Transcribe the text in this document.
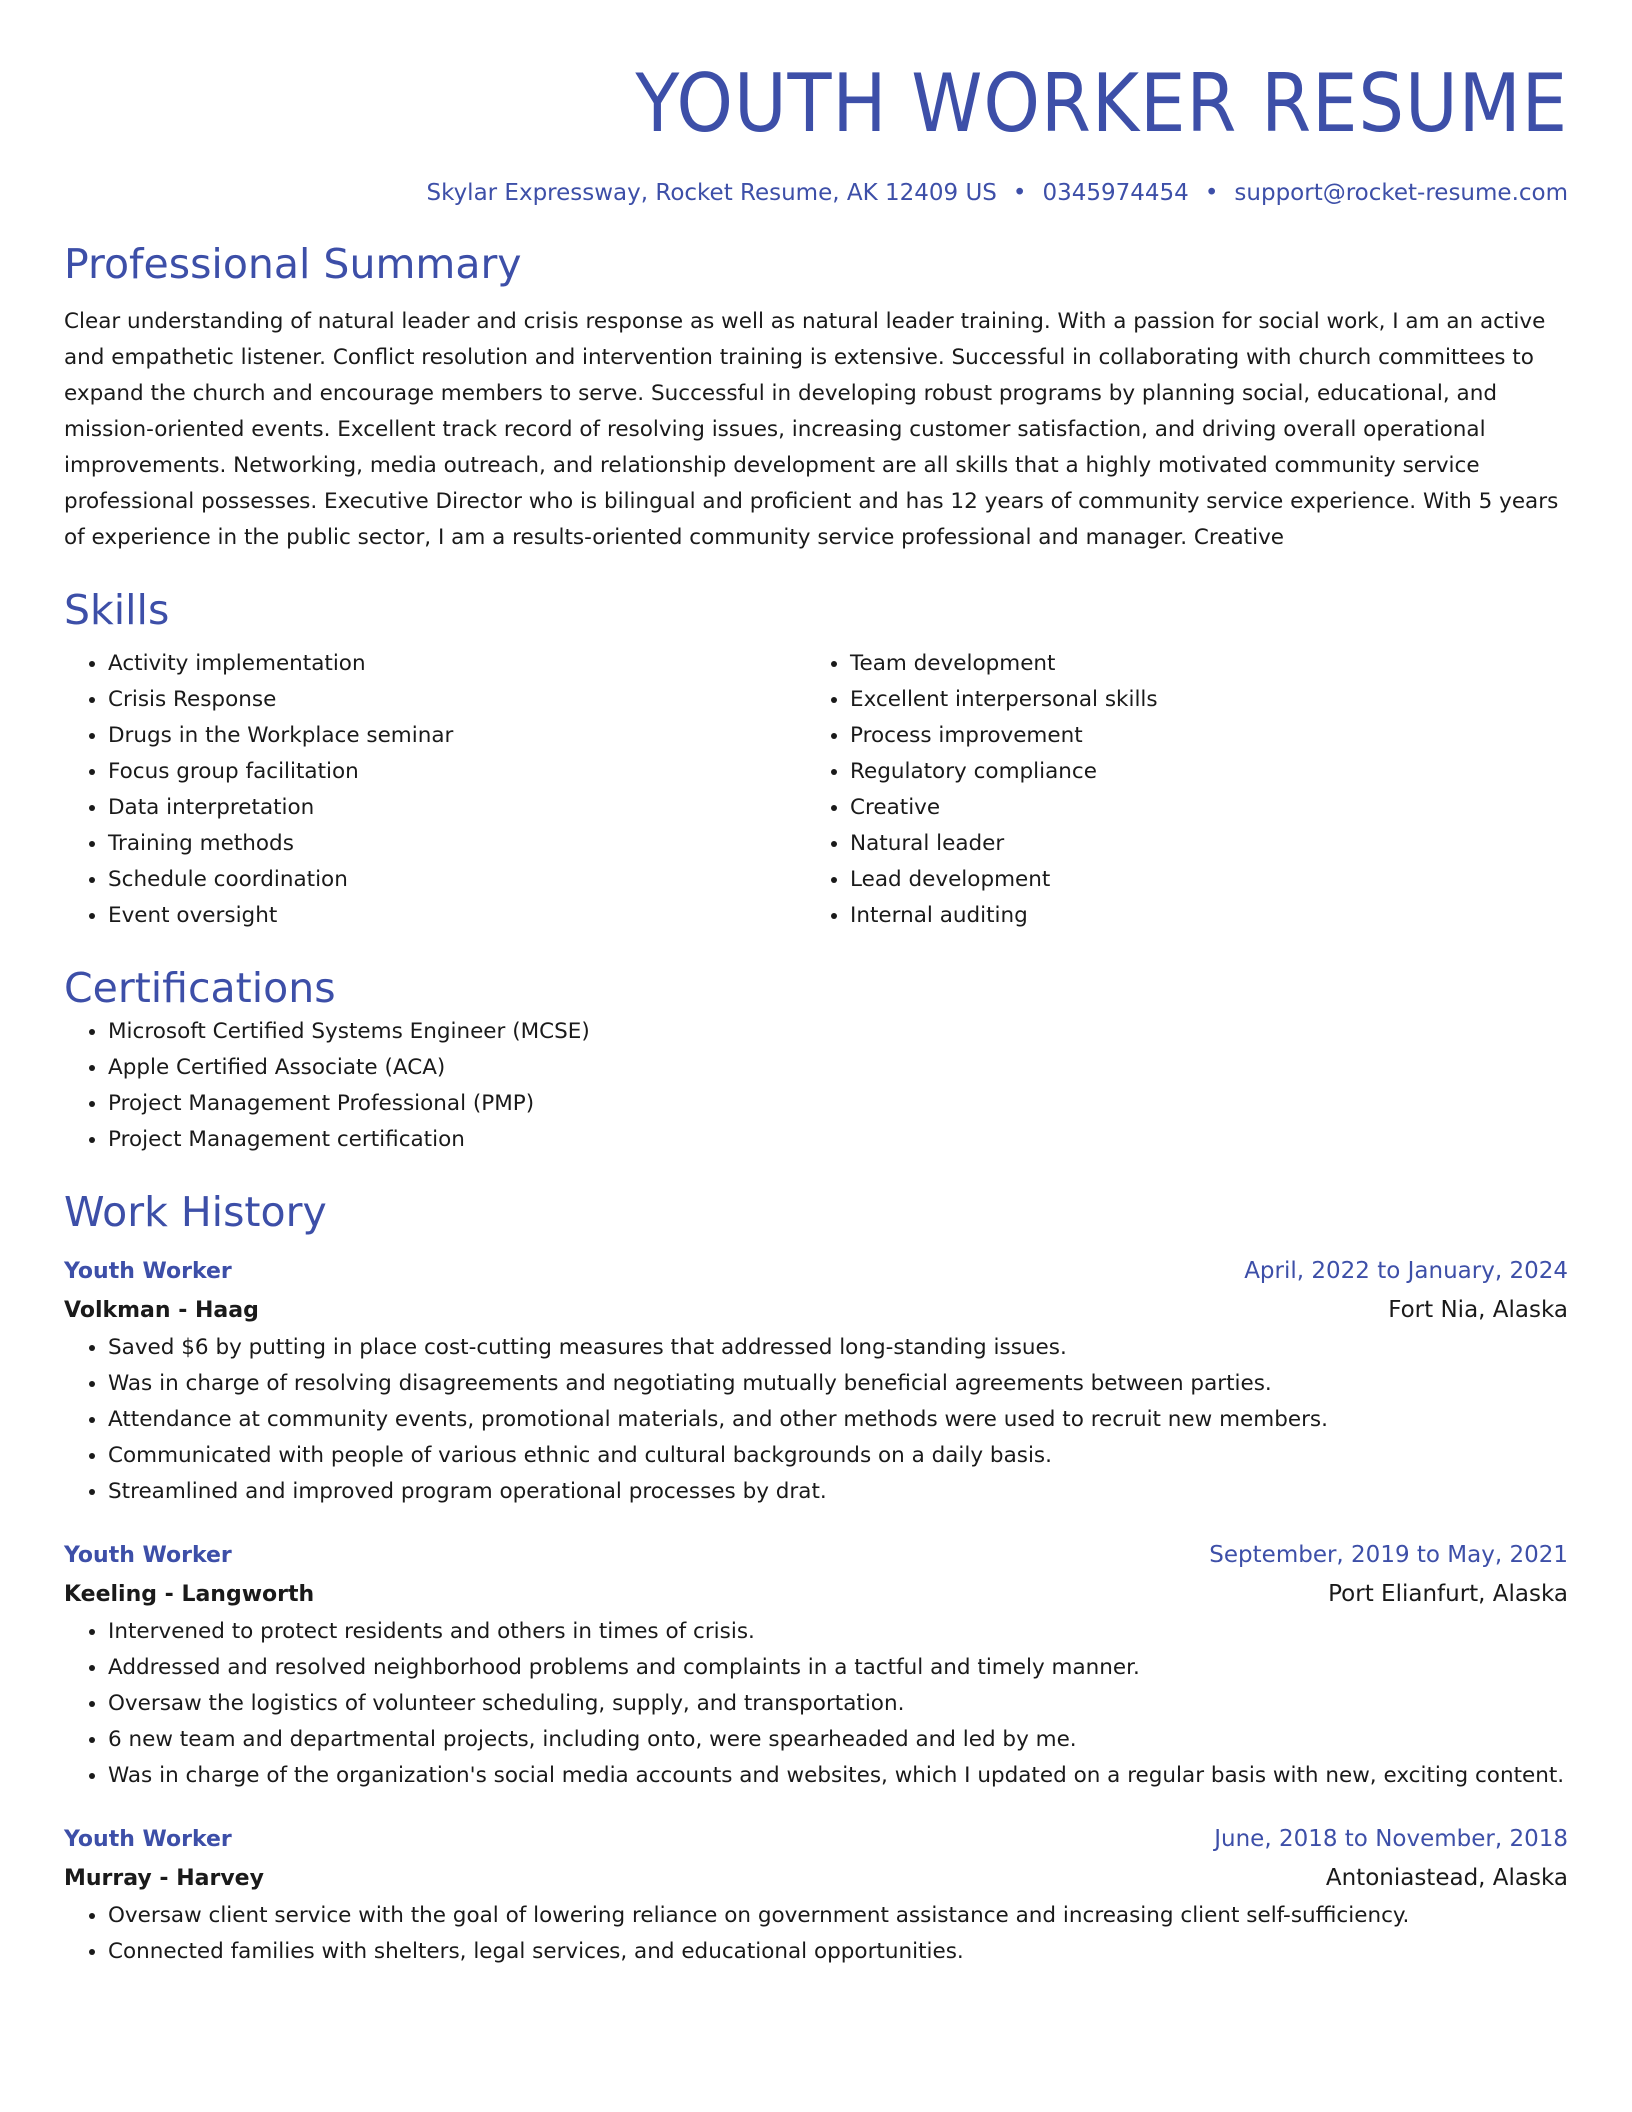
YOUTH WORKER RESUME
Skylar Expressway, Rocket Resume, AK 12409 US • 0345974454 • support@rocket-resume.com
Professional Summary
Clear understanding of natural leader and crisis response as well as natural leader training. With a passion for social work, I am an active and empathetic listener. Conflict resolution and intervention training is extensive. Successful in collaborating with church committees to expand the church and encourage members to serve. Successful in developing robust programs by planning social, educational, and mission-oriented events. Excellent track record of resolving issues, increasing customer satisfaction, and driving overall operational improvements. Networking, media outreach, and relationship development are all skills that a highly motivated community service professional possesses. Executive Director who is bilingual and proficient and has 12 years of community service experience. With 5 years of experience in the public sector, I am a results-oriented community service professional and manager. Creative
Skills
• Activity implementation
• Crisis Response
• Drugs in the Workplace seminar
• Focus group facilitation
• Data interpretation
• Training methods
• Schedule coordination
• Event oversight
• Team development
• Excellent interpersonal skills
• Process improvement
• Regulatory compliance
• Creative
• Natural leader
• Lead development
• Internal auditing
Certifications
• Microsoft Certified Systems Engineer (MCSE)
• Apple Certified Associate (ACA)
• Project Management Professional (PMP)
• Project Management certification
Work History
Youth Worker	April, 2022 to January, 2024
Volkman - Haag	Fort Nia, Alaska
• Saved $6 by putting in place cost-cutting measures that addressed long-standing issues.
• Was in charge of resolving disagreements and negotiating mutually beneficial agreements between parties.
• Attendance at community events, promotional materials, and other methods were used to recruit new members.
• Communicated with people of various ethnic and cultural backgrounds on a daily basis.
• Streamlined and improved program operational processes by drat.
Youth Worker	September, 2019 to May, 2021
Keeling - Langworth	Port Elianfurt, Alaska
• Intervened to protect residents and others in times of crisis.
• Addressed and resolved neighborhood problems and complaints in a tactful and timely manner.
• Oversaw the logistics of volunteer scheduling, supply, and transportation.
• 6 new team and departmental projects, including onto, were spearheaded and led by me.
• Was in charge of the organization's social media accounts and websites, which I updated on a regular basis with new, exciting content.
Youth Worker	June, 2018 to November, 2018
Murray - Harvey	Antoniastead, Alaska
• Oversaw client service with the goal of lowering reliance on government assistance and increasing client self-sufficiency.
• Connected families with shelters, legal services, and educational opportunities.
